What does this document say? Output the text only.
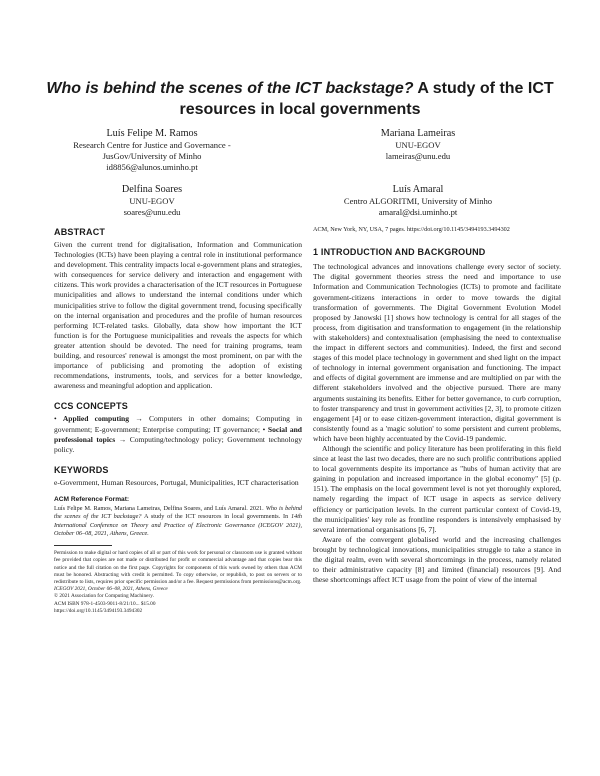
Who is behind the scenes of the ICT backstage? A study of the ICT resources in local governments
Luís Felipe M. Ramos
Research Centre for Justice and Governance -
JusGov/University of Minho
id8856@alunos.uminho.pt
Mariana Lameiras
UNU-EGOV
lameiras@unu.edu
Delfina Soares
UNU-EGOV
soares@unu.edu
Luís Amaral
Centro ALGORITMI, University of Minho
amaral@dsi.uminho.pt
ABSTRACT

Given the current trend for digitalisation, Information and Communication Technologies (ICTs) have been playing a central role in institutional performance and development. This centrality impacts local e-government plans and strategies, with consequences for service delivery and interaction and engagement with citizens. This work provides a characterisation of the ICT resources in Portuguese municipalities and allows to understand the internal conditions under which municipalities strive to follow the digital government trend, focusing specifically on the internal organisation and procedures and the profile of human resources performing ICT-related tasks. Globally, data show how important the ICT function is for the Portuguese municipalities and reveals the aspects for which greater attention should be devoted. The need for training programs, team building, and resources' renewal is amongst the most prominent, on par with the importance of publicising and promoting the adoption of existing recommendations, instruments, tools, and services for a better knowledge, awareness and meaningful adoption and application.

CCS CONCEPTS

• Applied computing → Computers in other domains; Computing in government; E-government; Enterprise computing; IT governance; • Social and professional topics → Computing/technology policy; Government technology policy.

KEYWORDS

e-Government, Human Resources, Portugal, Municipalities, ICT characterisation

ACM Reference Format:

Luís Felipe M. Ramos, Mariana Lameiras, Delfina Soares, and Luís Amaral. 2021. Who is behind the scenes of the ICT backstage? A study of the ICT resources in local governments. In 14th International Conference on Theory and Practice of Electronic Governance (ICEGOV 2021), October 06–08, 2021, Athens, Greece.

Permission to make digital or hard copies of all or part of this work for personal or classroom use is granted without fee provided that copies are not made or distributed for profit or commercial advantage and that copies bear this notice and the full citation on the first page. Copyrights for components of this work owned by others than ACM must be honored. Abstracting with credit is permitted. To copy otherwise, or republish, to post on servers or to redistribute to lists, requires prior specific permission and/or a fee. Request permissions from permissions@acm.org.

ICEGOV 2021, October 06–08, 2021, Athens, Greece
© 2021 Association for Computing Machinery.
ACM ISBN 978-1-4503-9011-8/21/10... $15.00
https://doi.org/10.1145/3494193.3494302

ACM, New York, NY, USA, 7 pages. https://doi.org/10.1145/3494193.3494302

1 INTRODUCTION AND BACKGROUND

The technological advances and innovations challenge every sector of society. The digital government theories stress the need and importance to use Information and Communication Technologies (ICTs) to promote and facilitate government-citizens interactions in order to move towards the digital transformation of governments. The Digital Government Evolution Model proposed by Janowski [1] shows how technology is central for all stages of the process, from digitisation and transformation to engagement (in the relationship with stakeholders) and contextualisation (emphasising the need to contextualise the impact in different sectors and communities). Indeed, the first and second stages of this model place technology in government and shed light on the impact of technology in internal government organisation and functioning. The impact and effects of digital government are immense and are multiplied on par with the different stakeholders involved and the objective pursued. There are many arguments sustaining its benefits. Either for better governance, to curb corruption, to foster transparency and trust in government activities [2, 3], to promote citizen engagement [4] or to ease citizen-government interaction, digital government is consistently found as a 'magic solution' to some persistent and current problems, which have been highly accentuated by the Covid-19 pandemic.

Although the scientific and policy literature has been proliferating in this field since at least the last two decades, there are no such prolific contributions applied to local governments despite its importance as "hubs of human activity that are gaining in population and increased importance in the global economy" [5] (p. 151). The emphasis on the local government level is not yet thoroughly explored, namely regarding the impact of ICT usage in aspects as service delivery efficiency or participation levels. In the current particular context of Covid-19, the municipalities' key role as frontline responders is intensively emphasised by several international organisations [6, 7].

Aware of the convergent globalised world and the increasing challenges brought by technological innovations, municipalities struggle to take a stance in the digital realm, even with several shortcomings in the process, namely related to their administrative capacity [8] and limited (financial) resources [9]. And these shortcomings affect ICT usage from the point of view of the internal
